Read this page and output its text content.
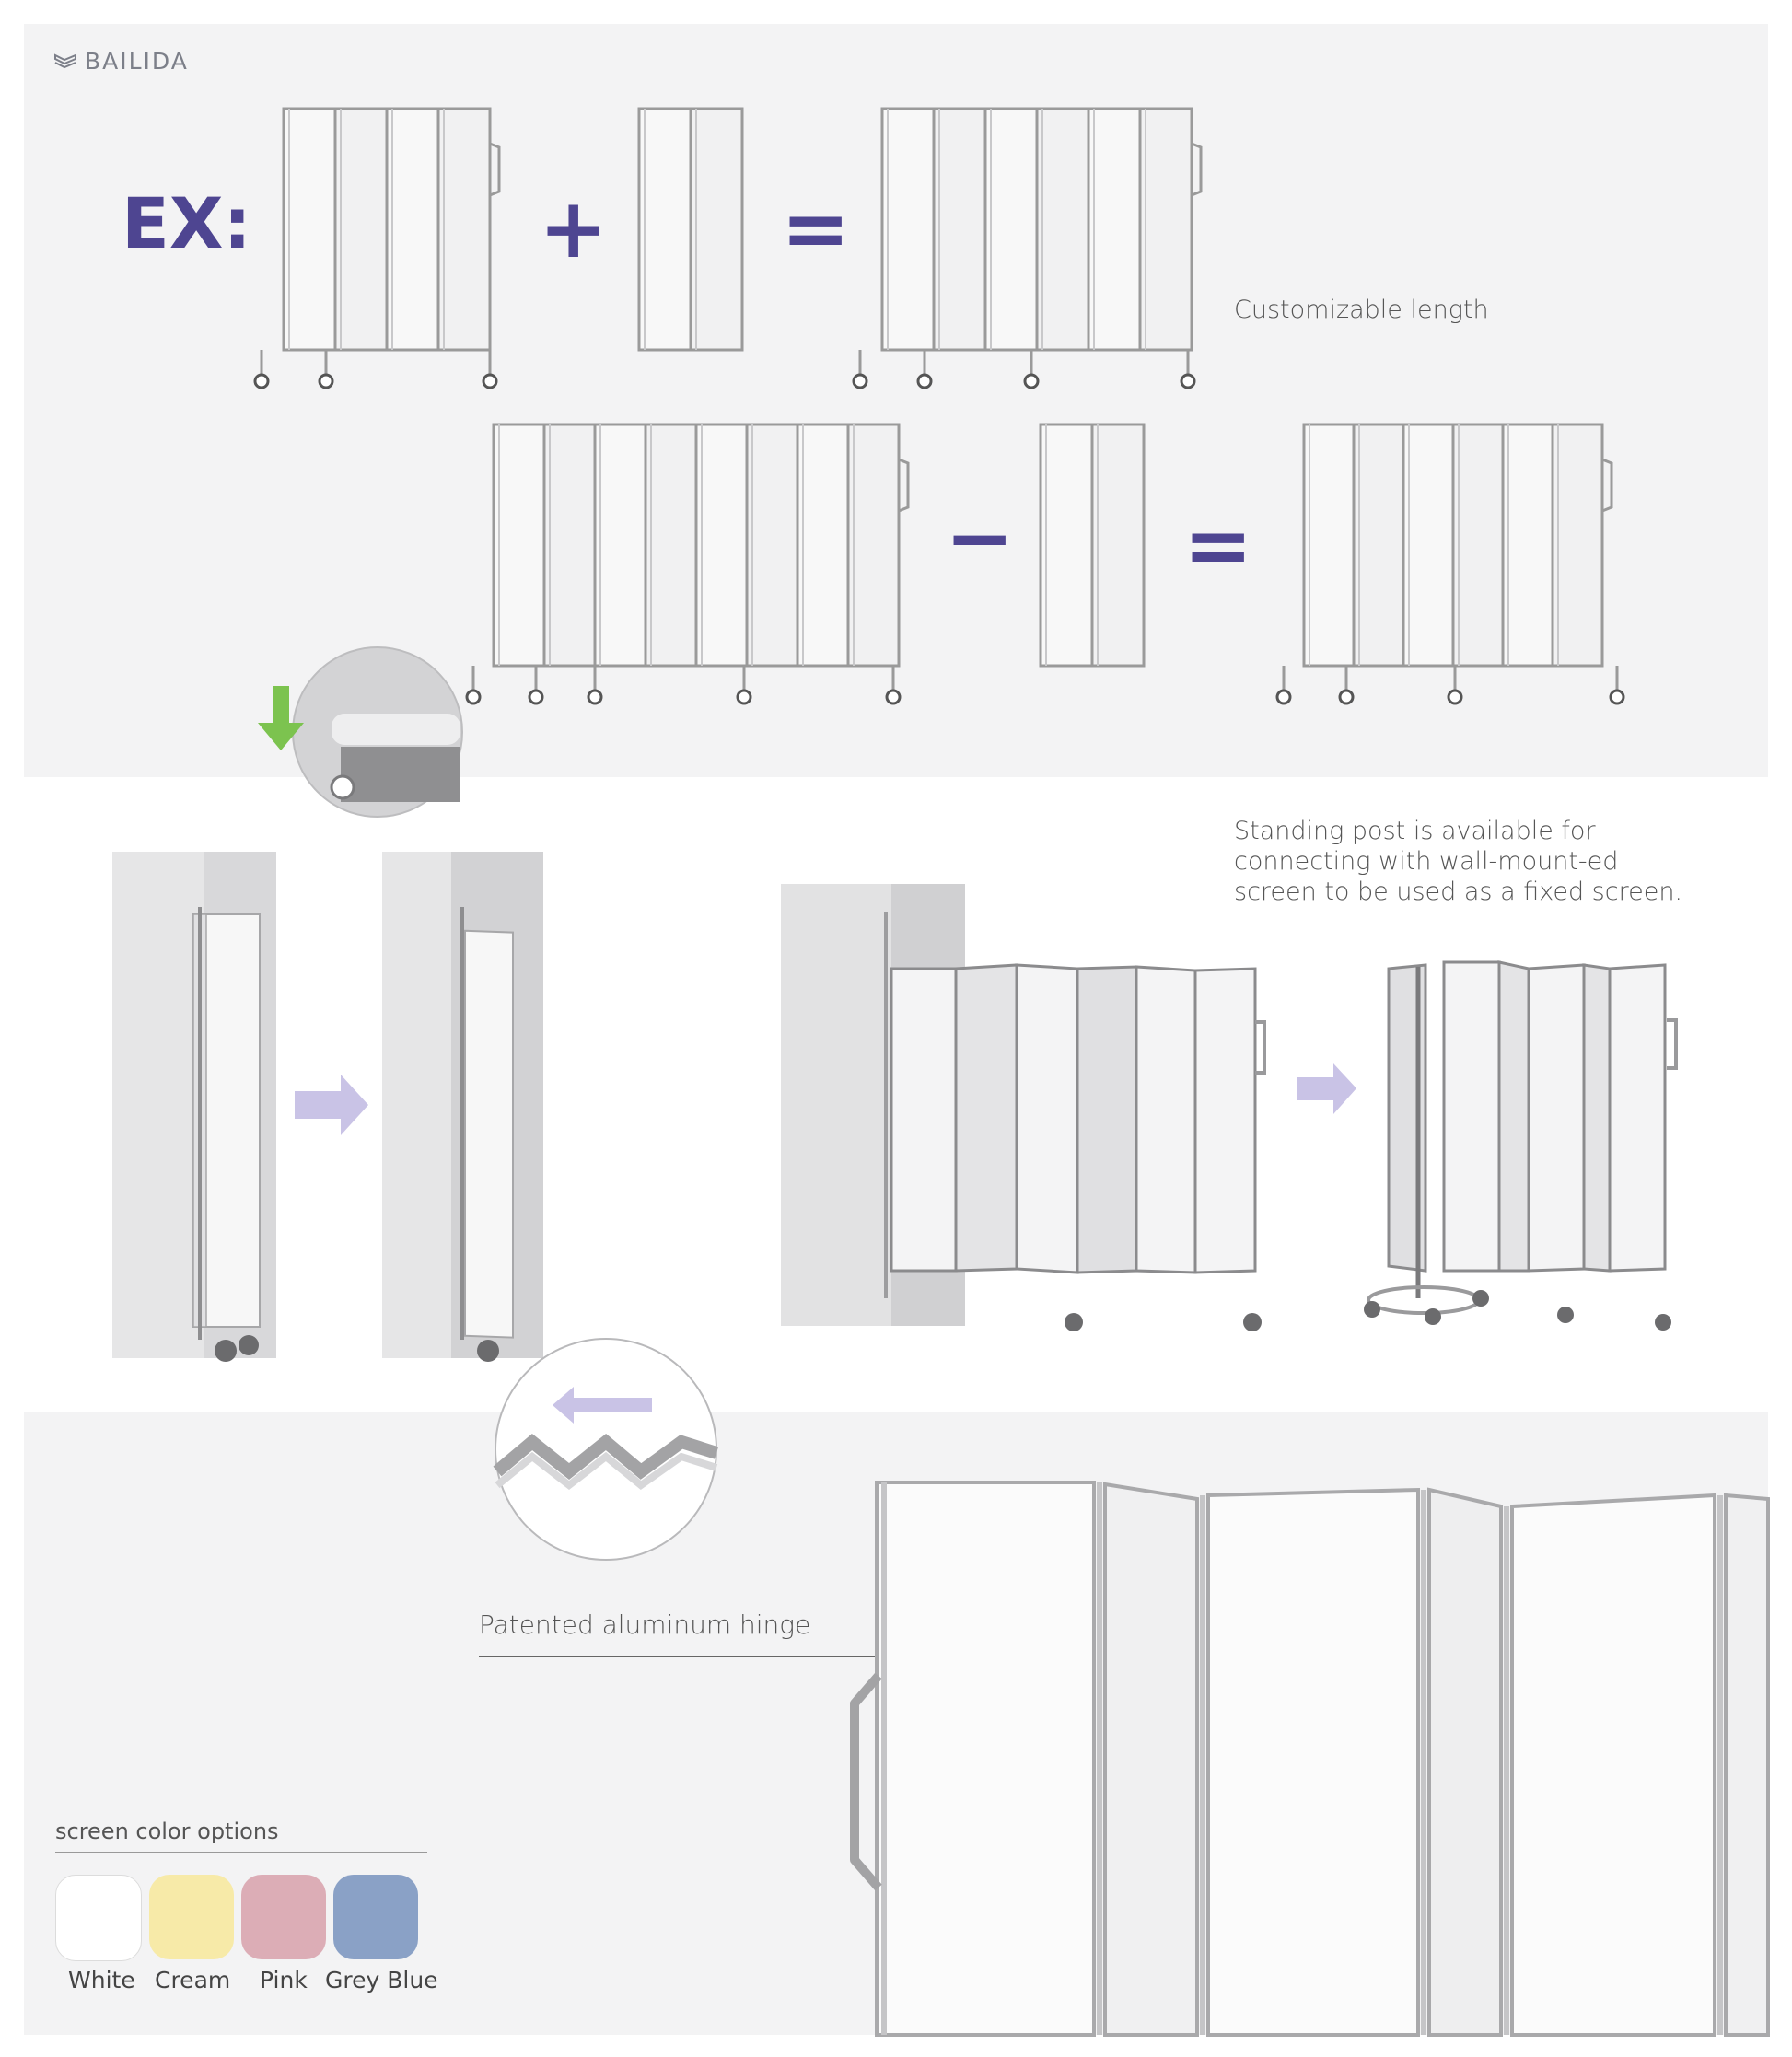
BAILIDA
EX:	+ =
− =
Customizable length
Standing post is available for
connecting with wall-mount-ed
screen to be used as a fixed screen.
Patented aluminum hinge
screen color options
White Cream Pink Grey Blue
